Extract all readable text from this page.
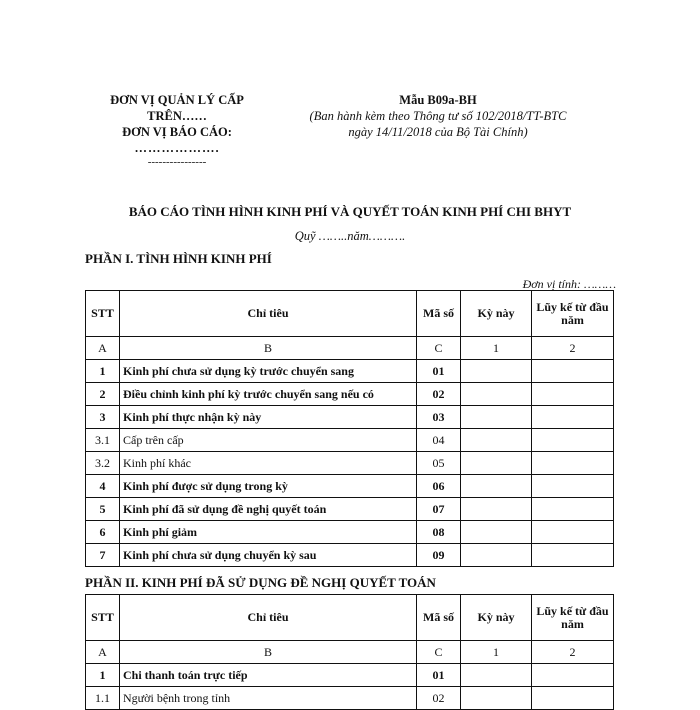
ĐƠN VỊ QUẢN LÝ CẤP
TRÊN……
ĐƠN VỊ BÁO CÁO:
……………….
----------------
Mẫu B09a-BH
(Ban hành kèm theo Thông tư số 102/2018/TT-BTC
ngày 14/11/2018 của Bộ Tài Chính)
BÁO CÁO TÌNH HÌNH KINH PHÍ VÀ QUYẾT TOÁN KINH PHÍ CHI BHYT
Quỹ ……..năm……….
PHẦN I. TÌNH HÌNH KINH PHÍ
Đơn vị tính: ………
STT	Chỉ tiêu	Mã số	Kỳ này	Lũy kế từ đầu năm
A	B	C	1	2
1	Kinh phí chưa sử dụng kỳ trước chuyển sang	01		
2	Điều chỉnh kinh phí kỳ trước chuyển sang nếu có	02		
3	Kinh phí thực nhận kỳ này	03		
3.1	Cấp trên cấp	04		
3.2	Kinh phí khác	05		
4	Kinh phí được sử dụng trong kỳ	06		
5	Kinh phí đã sử dụng đề nghị quyết toán	07		
6	Kinh phí giảm	08		
7	Kinh phí chưa sử dụng chuyển kỳ sau	09		
PHẦN II. KINH PHÍ ĐÃ SỬ DỤNG ĐỀ NGHỊ QUYẾT TOÁN
STT	Chỉ tiêu	Mã số	Kỳ này	Lũy kế từ đầu năm
A	B	C	1	2
1	Chi thanh toán trực tiếp	01		
1.1	Người bệnh trong tỉnh	02		
